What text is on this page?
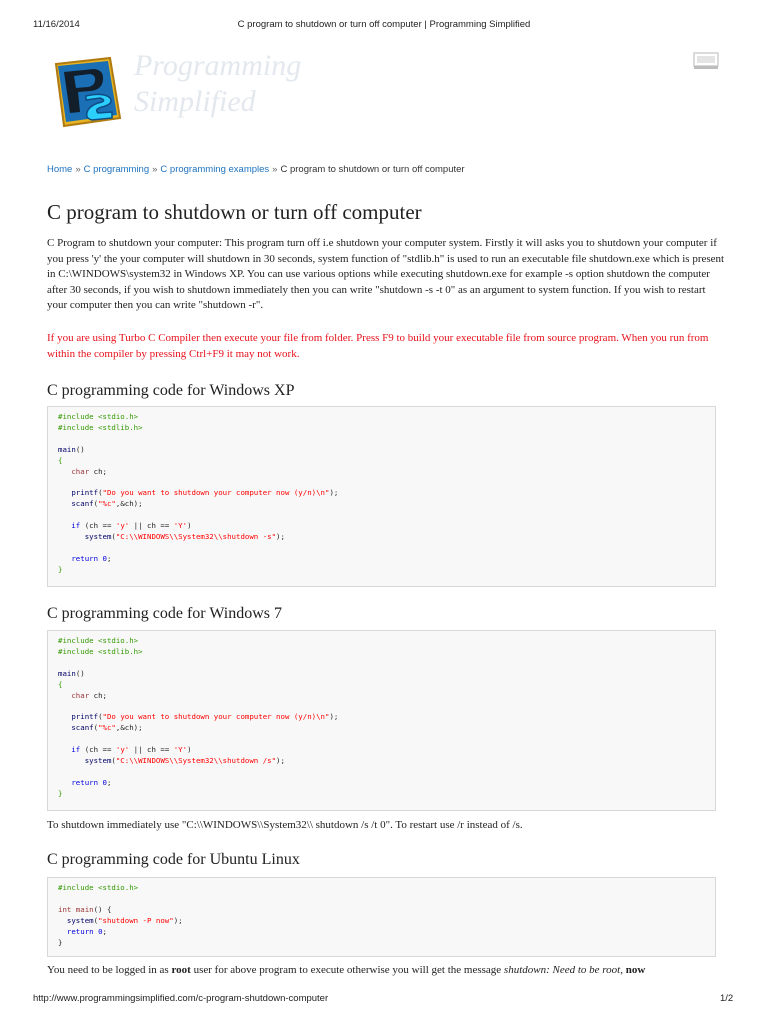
11/16/2014	C program to shutdown or turn off computer | Programming Simplified
Programming
Simplified
Home » C programming » C programming examples » C program to shutdown or turn off computer
C program to shutdown or turn off computer

C Program to shutdown your computer: This program turn off i.e shutdown your computer system. Firstly it will asks you to shutdown your computer if you press 'y' the your computer will shutdown in 30 seconds, system function of "stdlib.h" is used to run an executable file shutdown.exe which is present in C:\WINDOWS\system32 in Windows XP. You can use various options while executing shutdown.exe for example -s option shutdown the computer after 30 seconds, if you wish to shutdown immediately then you can write "shutdown -s -t 0" as an argument to system function. If you wish to restart your computer then you can write "shutdown -r".

If you are using Turbo C Compiler then execute your file from folder. Press F9 to build your executable file from source program. When you run from within the compiler by pressing Ctrl+F9 it may not work.

C programming code for Windows XP
#include <stdio.h>
#include <stdlib.h>

main()
{
char ch;

printf("Do you want to shutdown your computer now (y/n)\n");
scanf("%c",&ch);

if (ch == 'y' || ch == 'Y')
system("C:\\WINDOWS\\System32\\shutdown -s");

return 0;
}
C programming code for Windows 7
#include <stdio.h>
#include <stdlib.h>

main()
{
char ch;

printf("Do you want to shutdown your computer now (y/n)\n");
scanf("%c",&ch);

if (ch == 'y' || ch == 'Y')
system("C:\\WINDOWS\\System32\\shutdown /s");

return 0;
}

To shutdown immediately use "C:\\WINDOWS\\System32\\ shutdown /s /t 0". To restart use /r instead of /s.

C programming code for Ubuntu Linux
#include <stdio.h>

int main() {
system("shutdown -P now");
return 0;
}

You need to be logged in as root user for above program to execute otherwise you will get the message shutdown: Need to be root, now

http://www.programmingsimplified.com/c-program-shutdown-computer	1/2
